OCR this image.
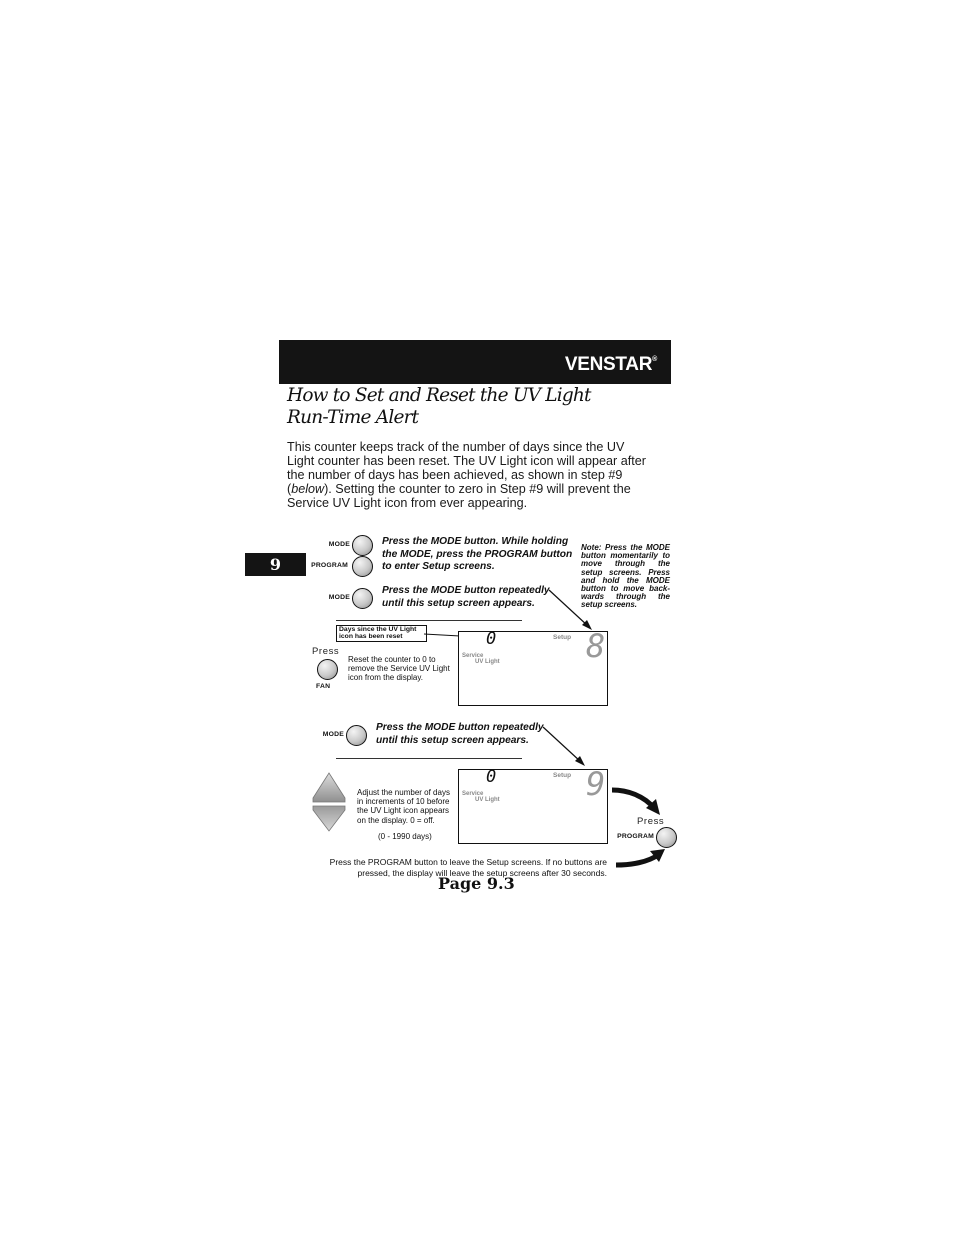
VENSTAR®
How to Set and Reset the UV Light
Run-Time Alert
This counter keeps track of the number of days since the UV Light counter has been reset. The UV Light icon will appear after the number of days has been achieved, as shown in step #9 (below). Setting the counter to zero in Step #9 will prevent the Service UV Light icon from ever appearing.
9
MODE
PROGRAM
Press the MODE button. While holding the MODE, press the PROGRAM button to enter Setup screens.
MODE
Press the MODE button repeatedly until this setup screen appears.
Note: Press the MODE button momentarily to move through the setup screens. Press and hold the MODE button to move back-wards through the setup screens.
Days since the UV Light
icon has been reset	0	Setup 8
Service
UV Light
Press
FAN
Reset the counter to 0 to remove the Service UV Light icon from the display.
MODE
Press the MODE button repeatedly until this setup screen appears.
Adjust the number of days in increments of 10 before the UV Light icon appears on the display. 0 = off.
(0 - 1990 days)
0	Setup 9
Service
UV Light
Press
PROGRAM
Press the PROGRAM button to leave the Setup screens. If no buttons are
pressed, the display will leave the setup screens after 30 seconds.
Page 9.3
